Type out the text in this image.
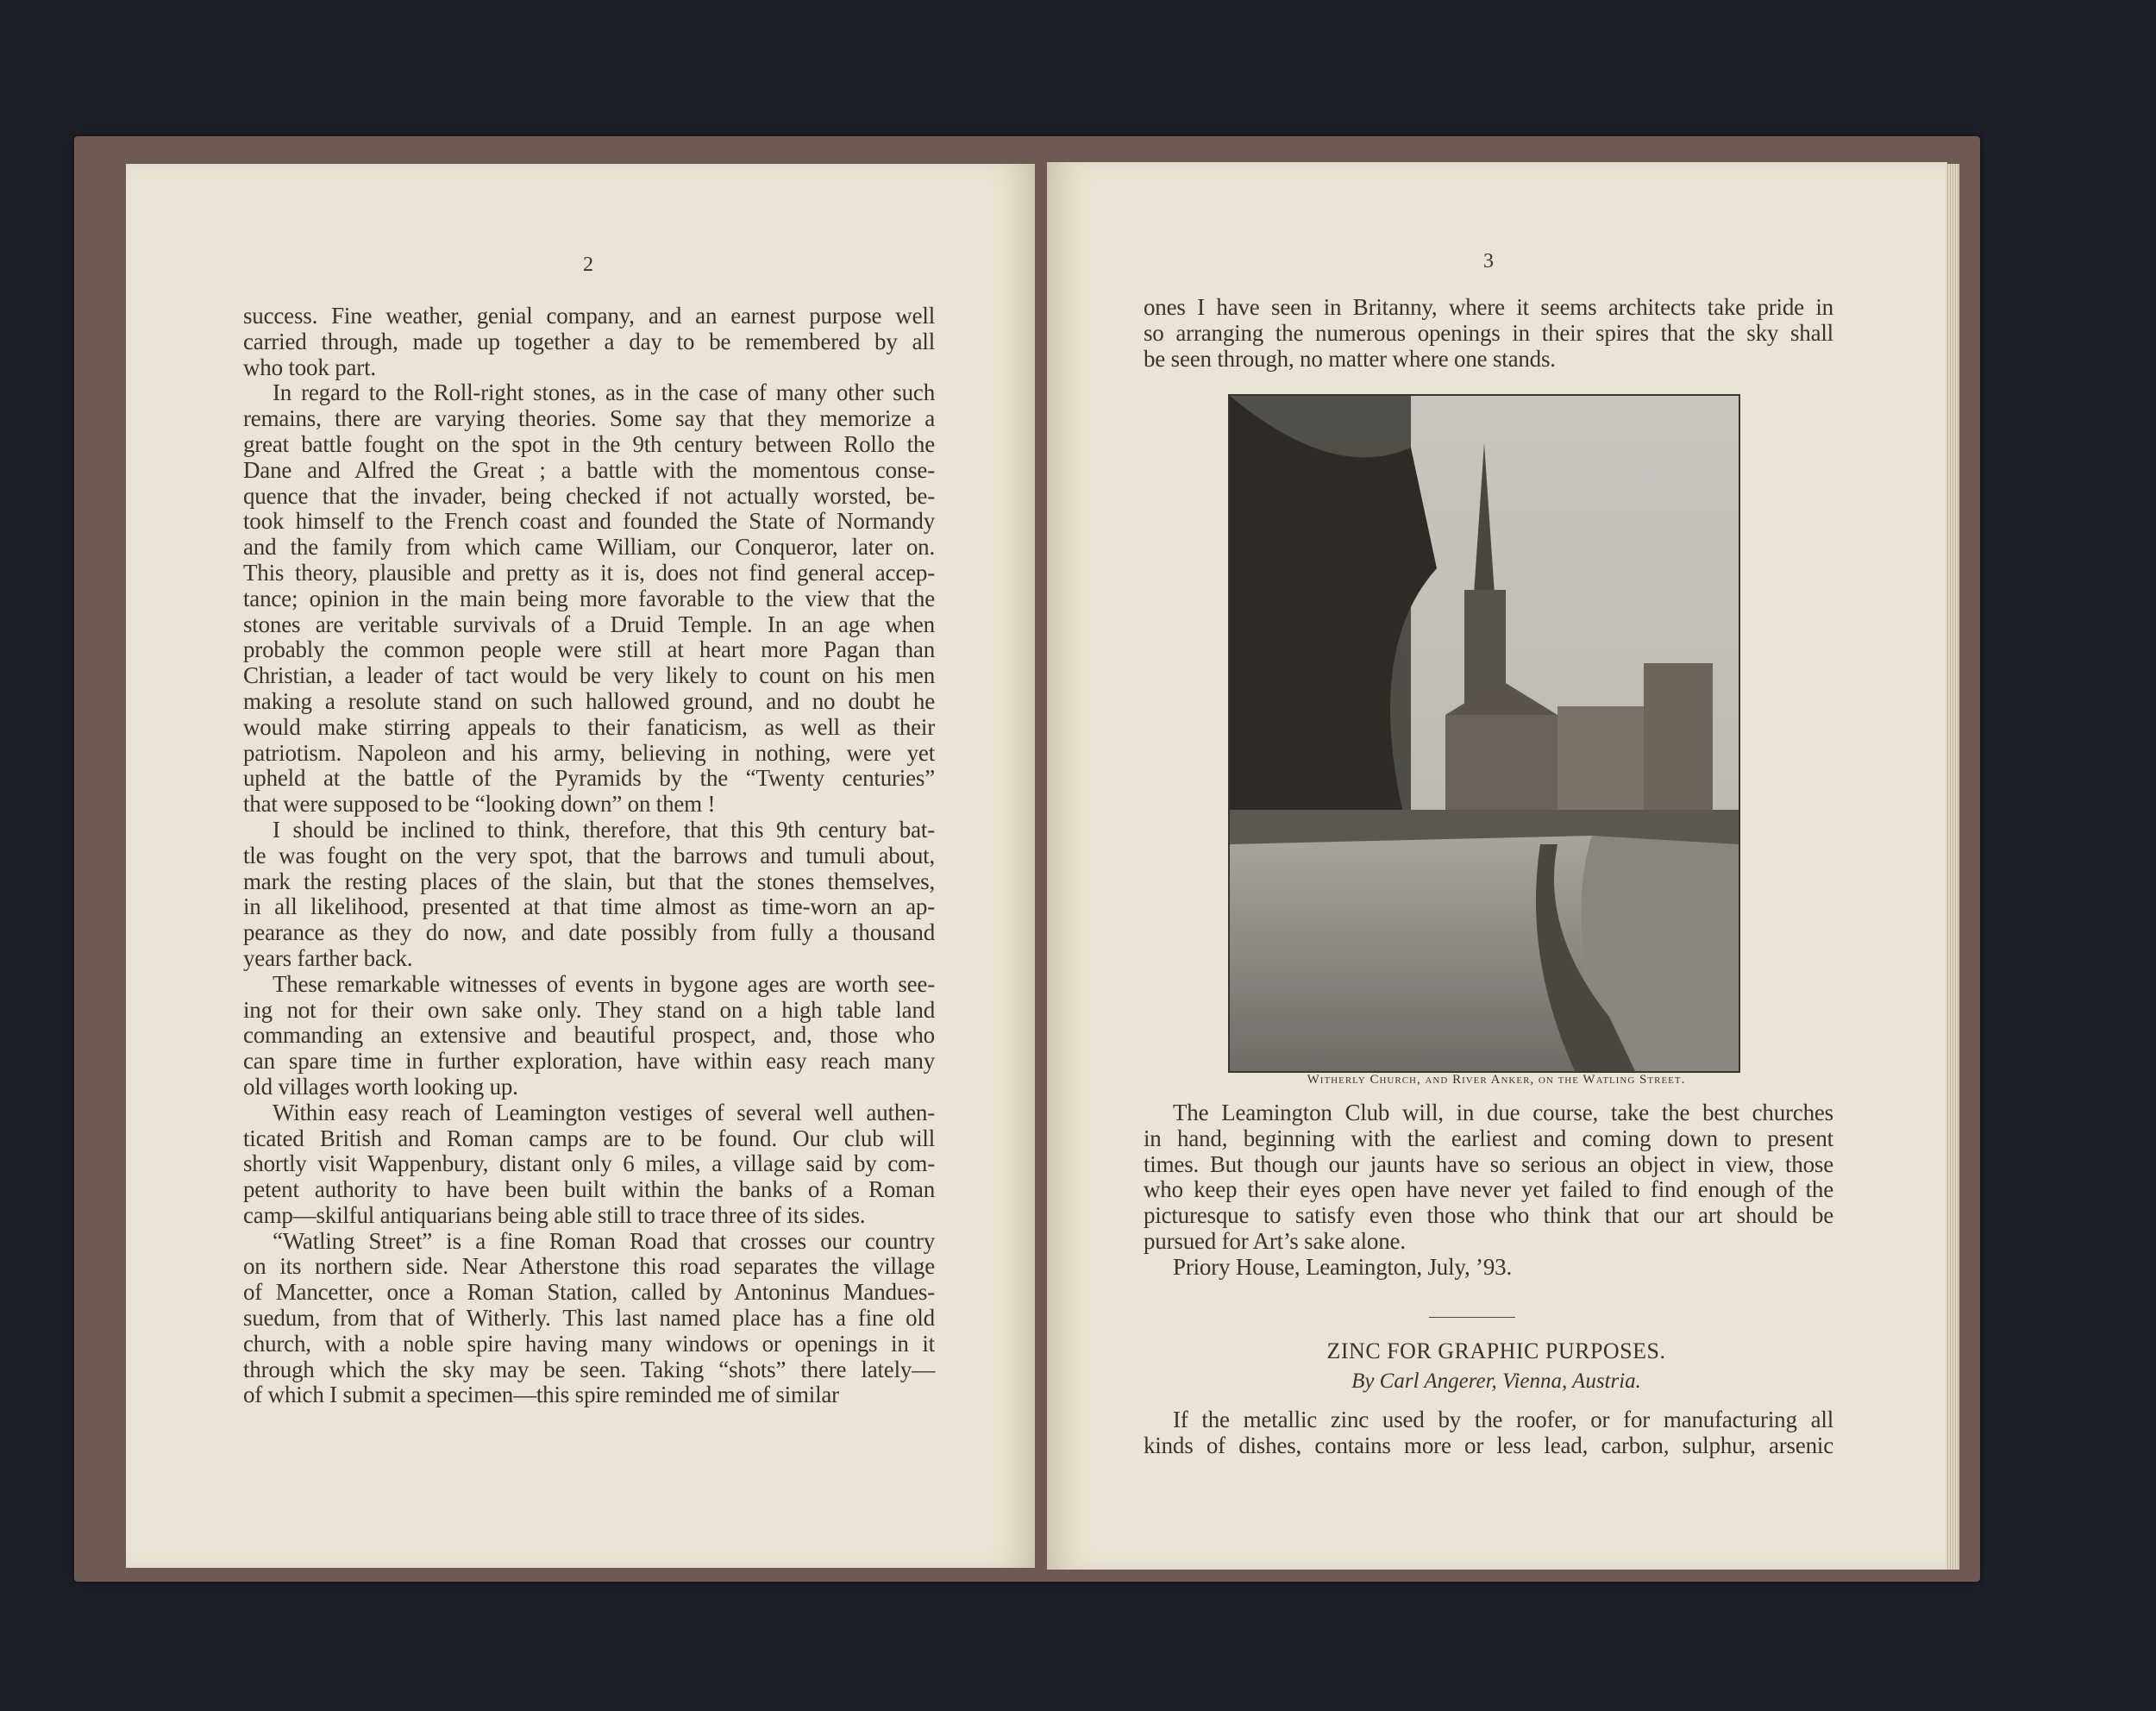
2	3
success. Fine weather, genial company, and an earnest purpose well
carried through, made up together a day to be remembered by all
who took part.
In regard to the Roll-right stones, as in the case of many other such
remains, there are varying theories. Some say that they memorize a
great battle fought on the spot in the 9th century between Rollo the
Dane and Alfred the Great ; a battle with the momentous conse-
quence that the invader, being checked if not actually worsted, be-
took himself to the French coast and founded the State of Normandy
and the family from which came William, our Conqueror, later on.
This theory, plausible and pretty as it is, does not find general accep-
tance; opinion in the main being more favorable to the view that the
stones are veritable survivals of a Druid Temple. In an age when
probably the common people were still at heart more Pagan than
Christian, a leader of tact would be very likely to count on his men
making a resolute stand on such hallowed ground, and no doubt he
would make stirring appeals to their fanaticism, as well as their
patriotism. Napoleon and his army, believing in nothing, were yet
upheld at the battle of the Pyramids by the “Twenty centuries”
that were supposed to be “looking down” on them !
I should be inclined to think, therefore, that this 9th century bat-
tle was fought on the very spot, that the barrows and tumuli about,
mark the resting places of the slain, but that the stones themselves,
in all likelihood, presented at that time almost as time-worn an ap-
pearance as they do now, and date possibly from fully a thousand
years farther back.
These remarkable witnesses of events in bygone ages are worth see-
ing not for their own sake only. They stand on a high table land
commanding an extensive and beautiful prospect, and, those who
can spare time in further exploration, have within easy reach many
old villages worth looking up.
Within easy reach of Leamington vestiges of several well authen-
ticated British and Roman camps are to be found. Our club will
shortly visit Wappenbury, distant only 6 miles, a village said by com-
petent authority to have been built within the banks of a Roman
camp—skilful antiquarians being able still to trace three of its sides.
“Watling Street” is a fine Roman Road that crosses our country
on its northern side. Near Atherstone this road separates the village
of Mancetter, once a Roman Station, called by Antoninus Mandues-
suedum, from that of Witherly. This last named place has a fine old
church, with a noble spire having many windows or openings in it
through which the sky may be seen. Taking “shots” there lately—
of which I submit a specimen—this spire reminded me of similar
ones I have seen in Britanny, where it seems architects take pride in
so arranging the numerous openings in their spires that the sky shall
be seen through, no matter where one stands.
Witherly Church, and River Anker, on the Watling Street.
The Leamington Club will, in due course, take the best churches
in hand, beginning with the earliest and coming down to present
times. But though our jaunts have so serious an object in view, those
who keep their eyes open have never yet failed to find enough of the
picturesque to satisfy even those who think that our art should be
pursued for Art’s sake alone.
Priory House, Leamington, July, ’93.
ZINC FOR GRAPHIC PURPOSES.
By Carl Angerer, Vienna, Austria.
If the metallic zinc used by the roofer, or for manufacturing all
kinds of dishes, contains more or less lead, carbon, sulphur, arsenic
